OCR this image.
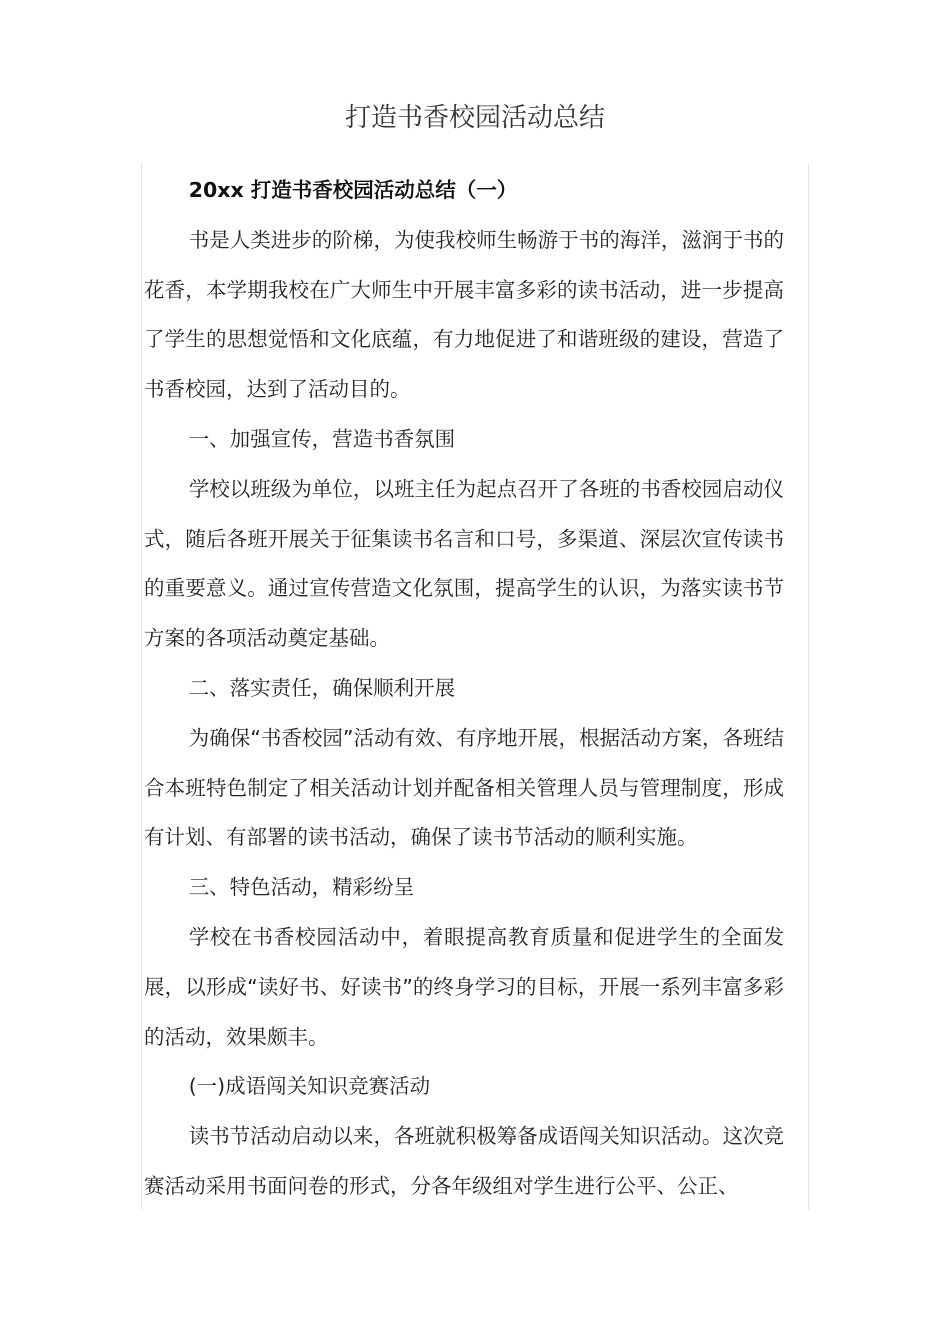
打造书香校园活动总结

20xx 打造书香校园活动总结（一）

书是人类进步的阶梯，为使我校师生畅游于书的海洋，滋润于书的花香，本学期我校在广大师生中开展丰富多彩的读书活动，进一步提高了学生的思想觉悟和文化底蕴，有力地促进了和谐班级的建设，营造了书香校园，达到了活动目的。

一、加强宣传，营造书香氛围

学校以班级为单位，以班主任为起点召开了各班的书香校园启动仪式，随后各班开展关于征集读书名言和口号，多渠道、深层次宣传读书的重要意义。通过宣传营造文化氛围，提高学生的认识，为落实读书节方案的各项活动奠定基础。

二、落实责任，确保顺利开展

为确保“书香校园”活动有效、有序地开展，根据活动方案，各班结合本班特色制定了相关活动计划并配备相关管理人员与管理制度，形成有计划、有部署的读书活动，确保了读书节活动的顺利实施。

三、特色活动，精彩纷呈

学校在书香校园活动中，着眼提高教育质量和促进学生的全面发展，以形成“读好书、好读书”的终身学习的目标，开展一系列丰富多彩的活动，效果颇丰。

(一)成语闯关知识竞赛活动

读书节活动启动以来，各班就积极筹备成语闯关知识活动。这次竞赛活动采用书面问卷的形式，分各年级组对学生进行公平、公正、
